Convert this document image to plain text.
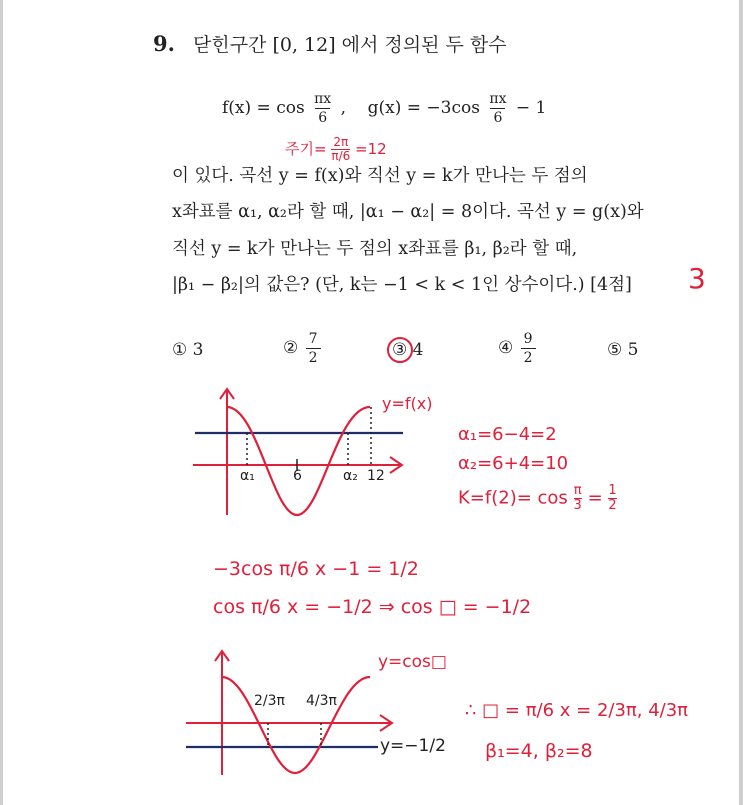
9. 닫힌구간 [0, 12] 에서 정의된 두 함수
$f(x) = \cos \frac{\pi x}{6}$ , $g(x) = -3\cos \frac{\pi x}{6} - 1$
주기= $\frac{2\pi}{\pi/6} =12$
이 있다. 곡선 y = f(x)와 직선 y = k가 만나는 두 점의
x좌표를 α₁, α₂라 할 때, |α₁ − α₂| = 8이다. 곡선 y = g(x)와
직선 y = k가 만나는 두 점의 x좌표를 β₁, β₂라 할 때,
|β₁ − β₂|의 값은? (단, k는 −1 < k < 1인 상수이다.) [4점] 3
① 3	② $\frac{7}{2}$	③ 4	④ $\frac{9}{2}$	⑤ 5
y=f(x)
α₁	6	α₂ 12
α₁=6−4=2
α₂=6+4=10
$K=f(2)= \cos \frac{\pi}{3} = \frac{1}{2}$
−3cos π/6 x −1 = 1/2
cos π/6 x = −1/2 ⇒ cos □ = −1/2
y=cos□
2/3π 4/3π
y=−1/2
∴ □ = π/6 x = 2/3π, 4/3π
β₁=4, β₂=8
